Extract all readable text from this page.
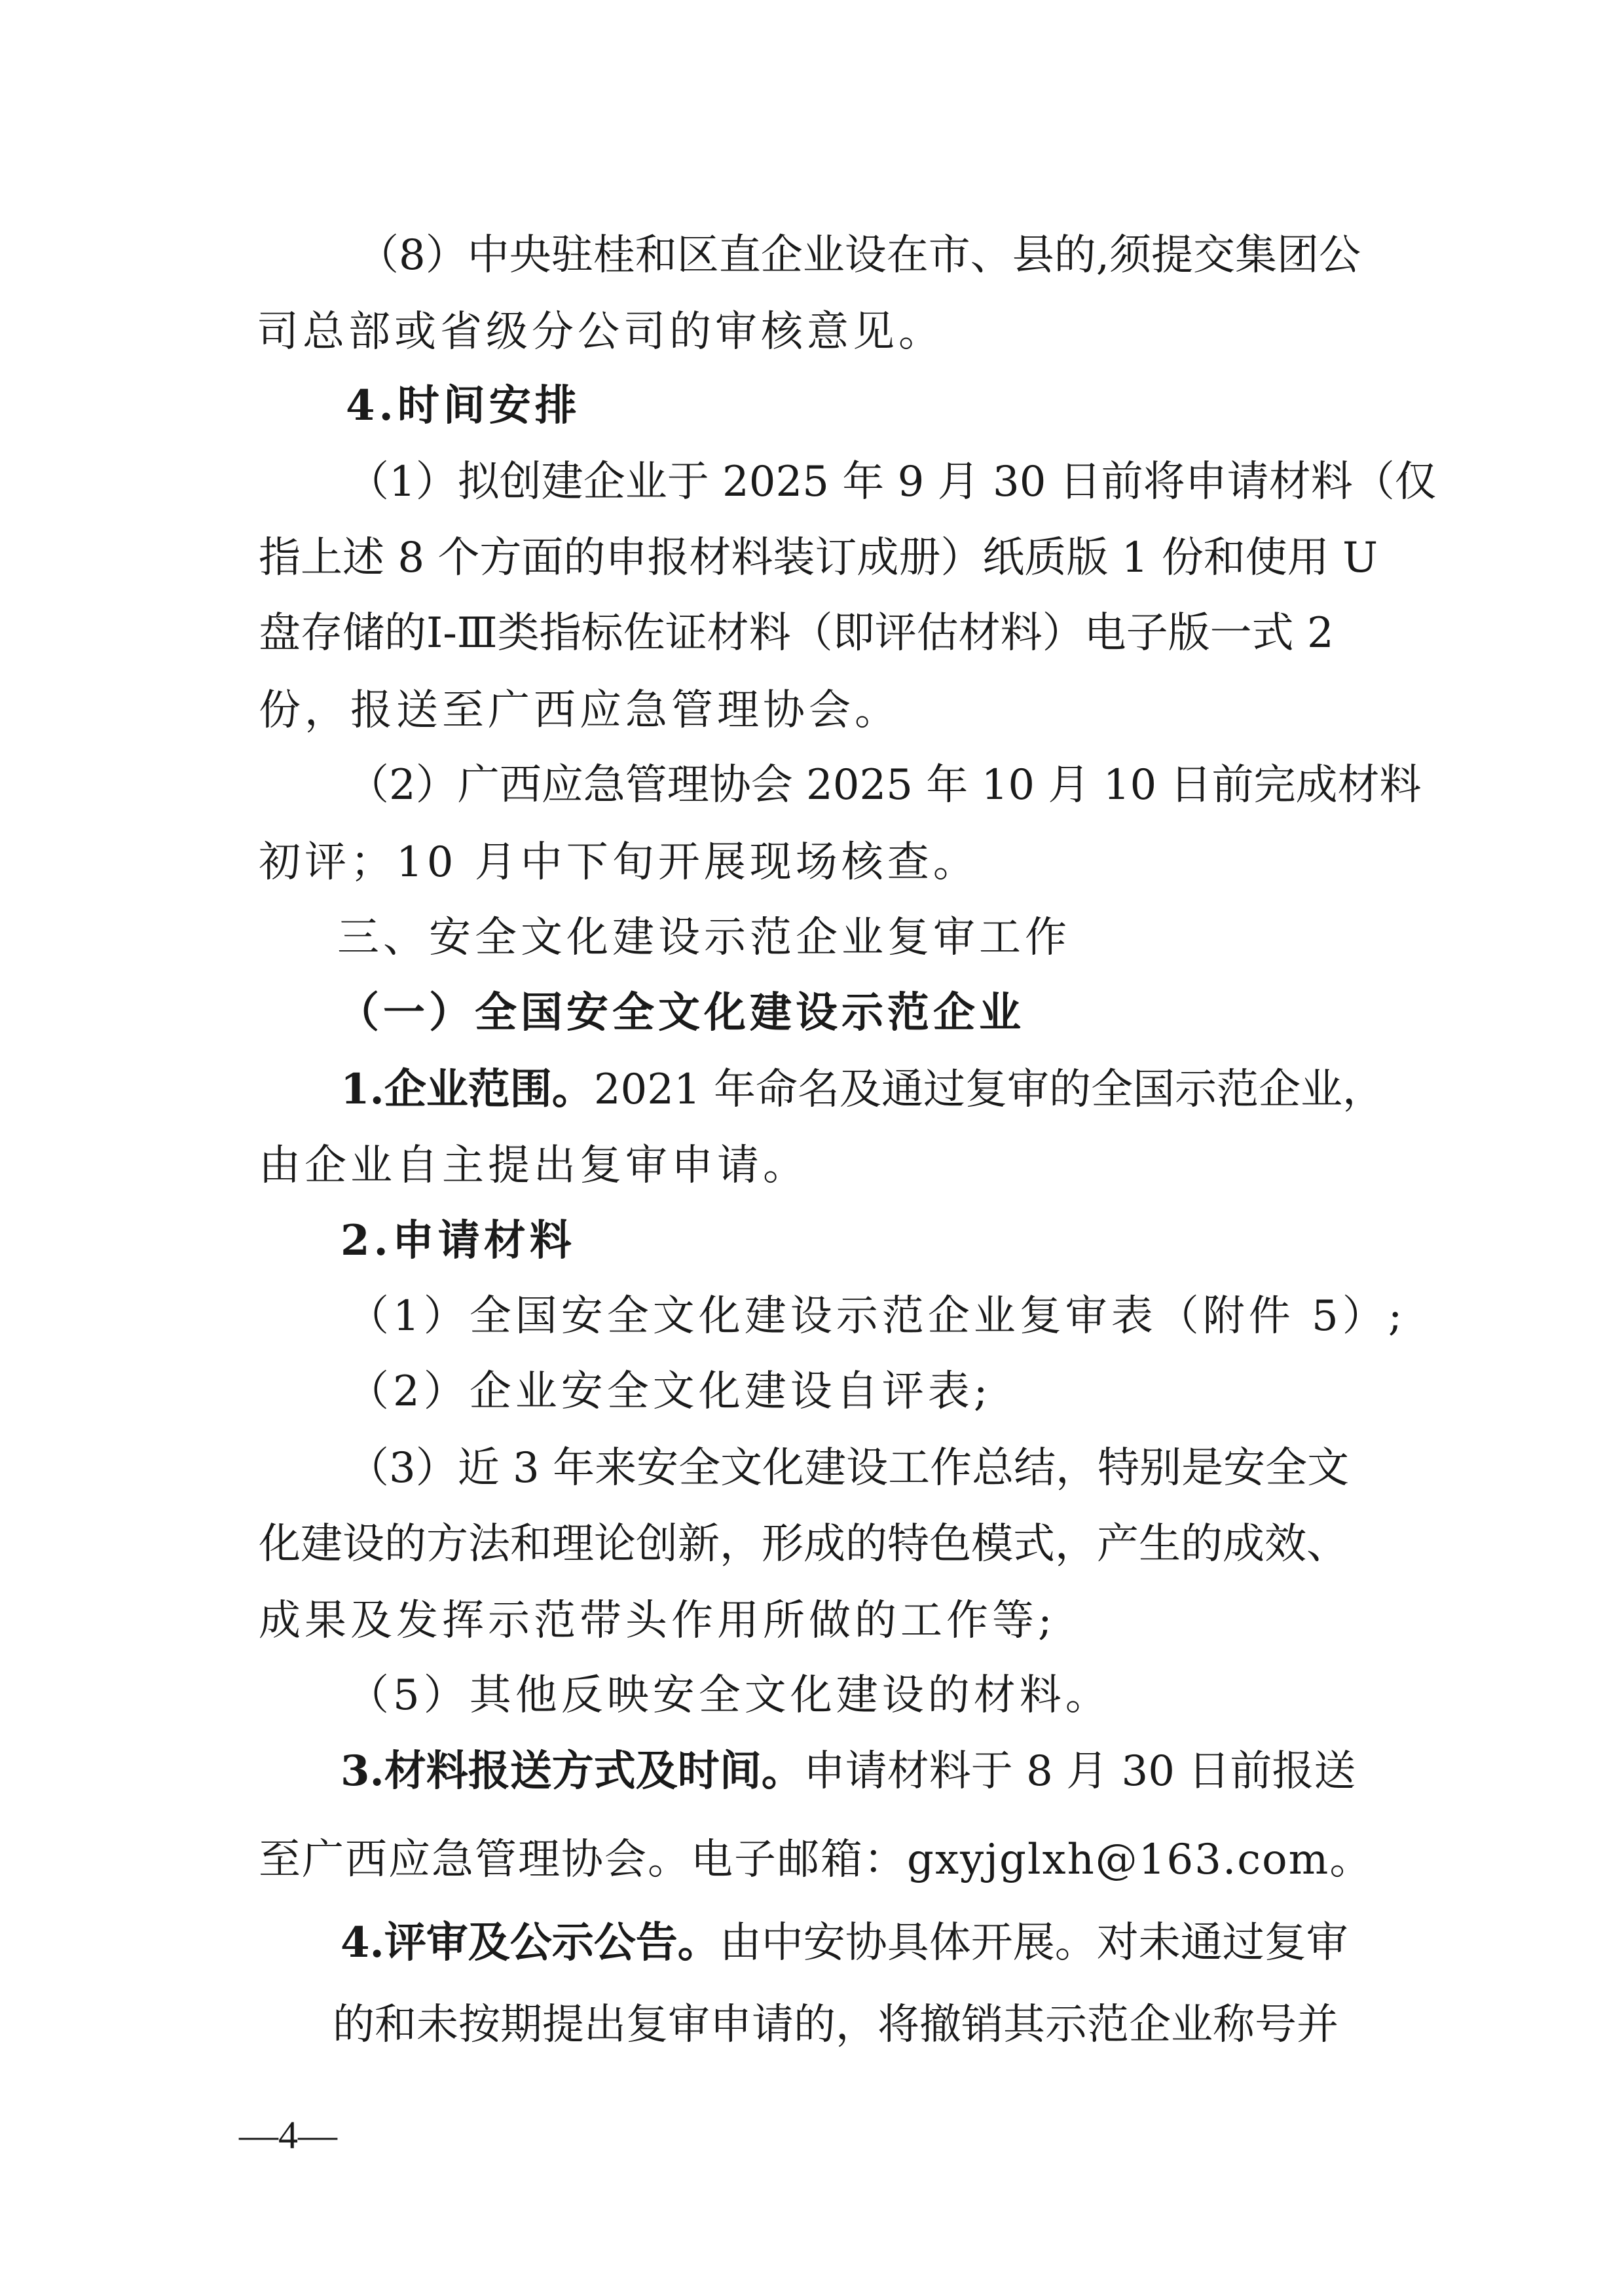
（8）中央驻桂和区直企业设在市、县的,须提交集团公
司总部或省级分公司的审核意见。
4.时间安排
（1）拟创建企业于 2025 年 9 月 30 日前将申请材料（仅
指上述 8 个方面的申报材料装订成册）纸质版 1 份和使用 U
盘存储的Ⅰ-Ⅲ类指标佐证材料（即评估材料）电子版一式 2
份，报送至广西应急管理协会。
（2）广西应急管理协会 2025 年 10 月 10 日前完成材料
初评；10 月中下旬开展现场核查。
三、安全文化建设示范企业复审工作
（一）全国安全文化建设示范企业
1.企业范围。2021 年命名及通过复审的全国示范企业，
由企业自主提出复审申请。
2.申请材料
（1）全国安全文化建设示范企业复审表（附件 5）;
（2）企业安全文化建设自评表;
（3）近 3 年来安全文化建设工作总结，特别是安全文
化建设的方法和理论创新，形成的特色模式，产生的成效、
成果及发挥示范带头作用所做的工作等;
（5）其他反映安全文化建设的材料。
3.材料报送方式及时间。申请材料于 8 月 30 日前报送
至广西应急管理协会。电子邮箱：gxyjglxh@163.com。
4.评审及公示公告。由中安协具体开展。对未通过复审
的和未按期提出复审申请的，将撤销其示范企业称号并
—4—
